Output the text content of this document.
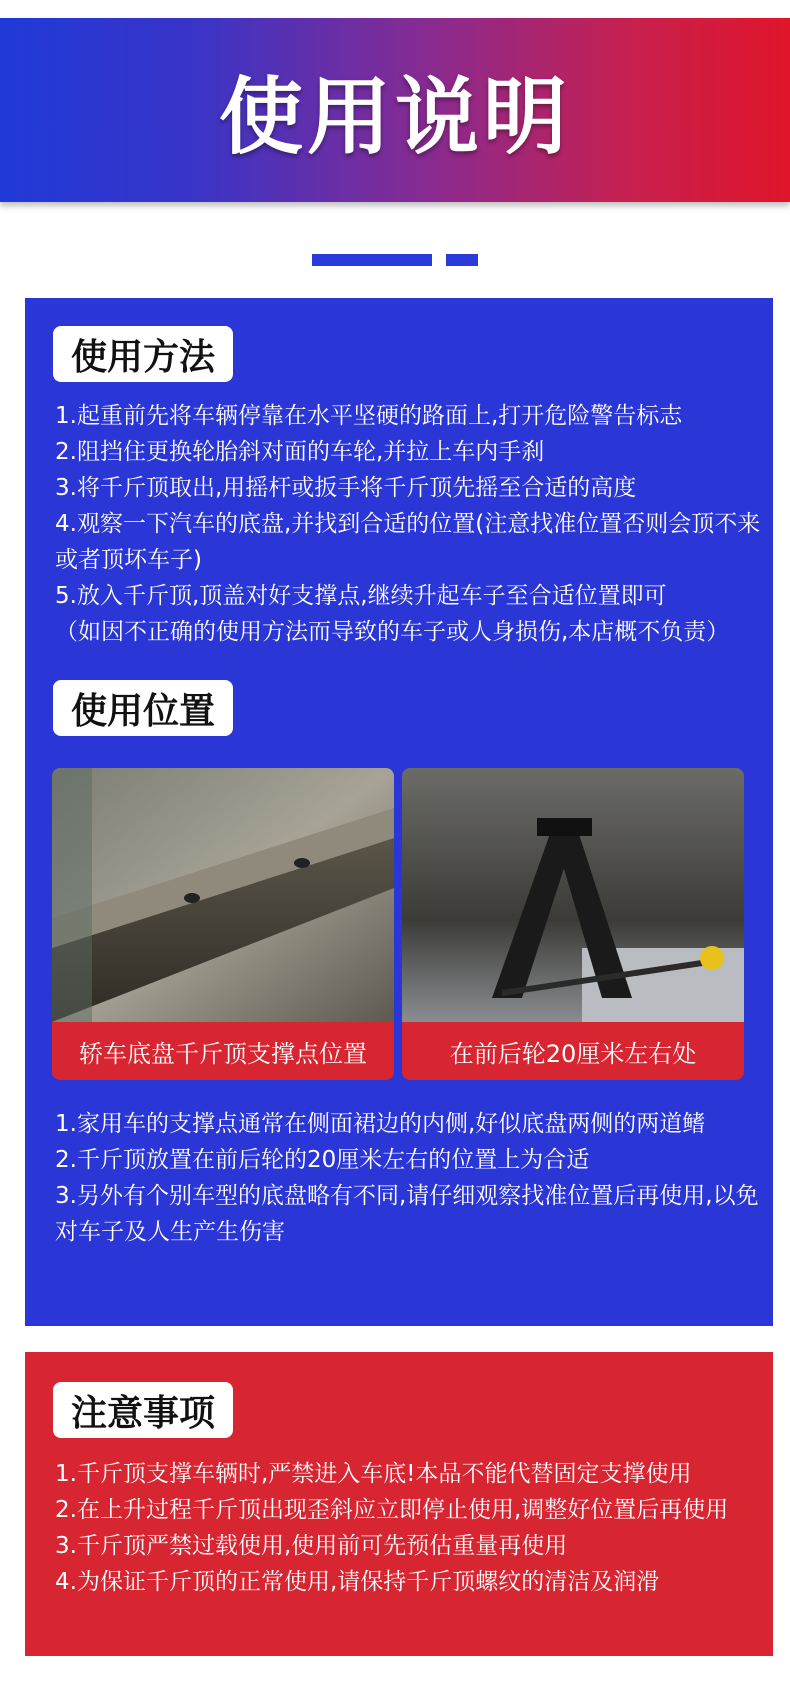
使用说明
使用方法

1.起重前先将车辆停靠在水平坚硬的路面上,打开危险警告标志

2.阻挡住更换轮胎斜对面的车轮,并拉上车内手刹

3.将千斤顶取出,用摇杆或扳手将千斤顶先摇至合适的高度

4.观察一下汽车的底盘,并找到合适的位置(注意找准位置否则会顶不来或者顶坏车子)

5.放入千斤顶,顶盖对好支撑点,继续升起车子至合适位置即可

（如因不正确的使用方法而导致的车子或人身损伤,本店概不负责）

使用位置
轿车底盘千斤顶支撑点位置	在前后轮20厘米左右处

1.家用车的支撑点通常在侧面裙边的内侧,好似底盘两侧的两道鳍

2.千斤顶放置在前后轮的20厘米左右的位置上为合适

3.另外有个别车型的底盘略有不同,请仔细观察找准位置后再使用,以免对车子及人生产生伤害

注意事项

1.千斤顶支撑车辆时,严禁进入车底!本品不能代替固定支撑使用

2.在上升过程千斤顶出现歪斜应立即停止使用,调整好位置后再使用

3.千斤顶严禁过载使用,使用前可先预估重量再使用

4.为保证千斤顶的正常使用,请保持千斤顶螺纹的清洁及润滑
